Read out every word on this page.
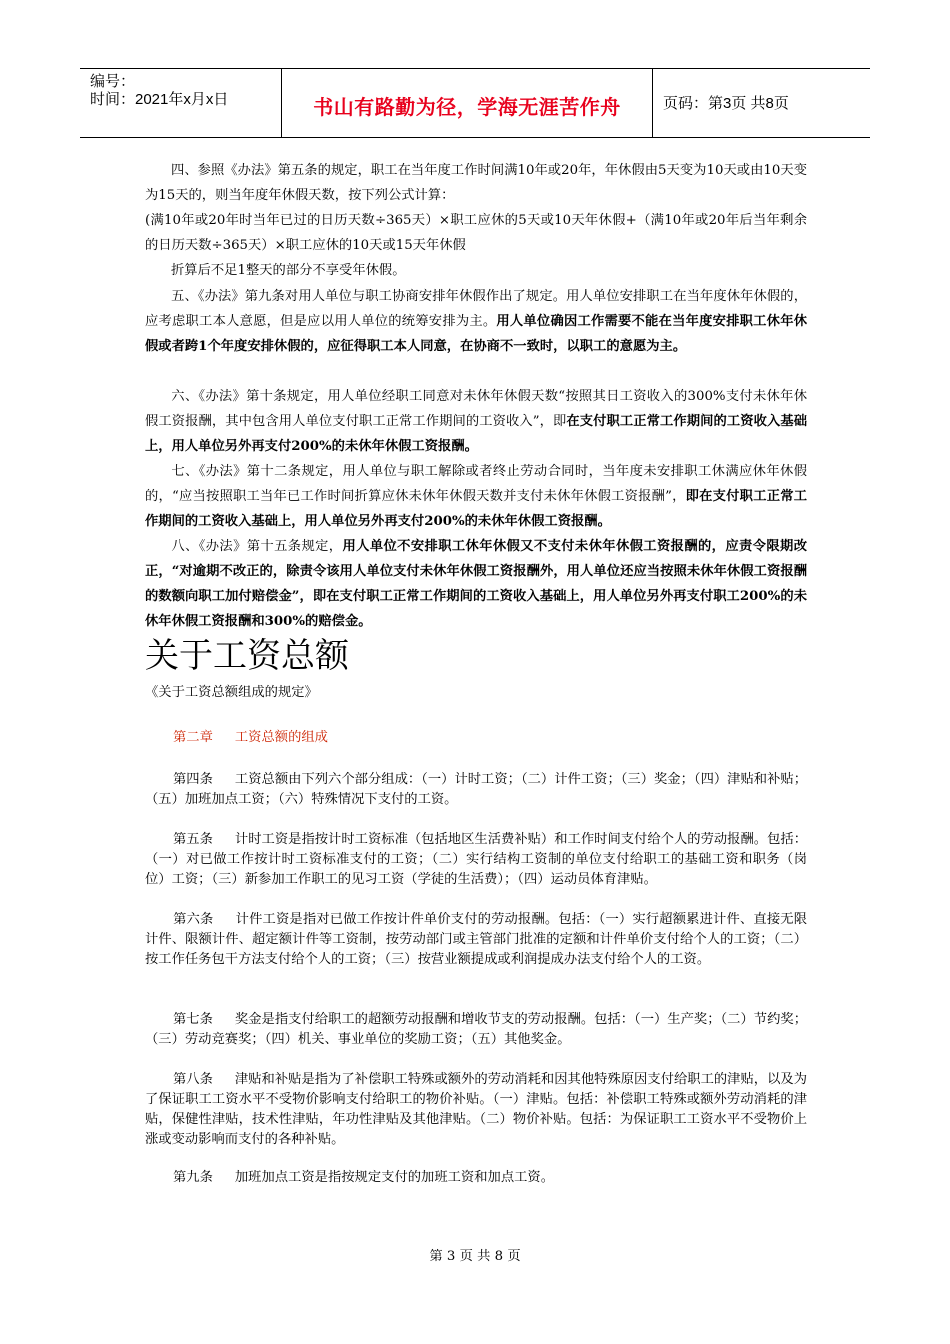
编号：
时间：2021年x月x日	书山有路勤为径，学海无涯苦作舟	页码：第3页 共8页

四、参照《办法》第五条的规定，职工在当年度工作时间满10年或20年，年休假由5天变为10天或由10天变为15天的，则当年度年休假天数，按下列公式计算：

(满10年或20年时当年已过的日历天数÷365天）×职工应休的5天或10天年休假+（满10年或20年后当年剩余的日历天数÷365天）×职工应休的10天或15天年休假

折算后不足1整天的部分不享受年休假。

五、《办法》第九条对用人单位与职工协商安排年休假作出了规定。用人单位安排职工在当年度休年休假的，应考虑职工本人意愿，但是应以用人单位的统筹安排为主。用人单位确因工作需要不能在当年度安排职工休年休假或者跨1个年度安排休假的，应征得职工本人同意，在协商不一致时，以职工的意愿为主。

六、《办法》第十条规定，用人单位经职工同意对未休年休假天数“按照其日工资收入的300%支付未休年休假工资报酬，其中包含用人单位支付职工正常工作期间的工资收入”，即在支付职工正常工作期间的工资收入基础上，用人单位另外再支付200%的未休年休假工资报酬。

七、《办法》第十二条规定，用人单位与职工解除或者终止劳动合同时，当年度未安排职工休满应休年休假的，“应当按照职工当年已工作时间折算应休未休年休假天数并支付未休年休假工资报酬”，即在支付职工正常工作期间的工资收入基础上，用人单位另外再支付200%的未休年休假工资报酬。

八、《办法》第十五条规定，用人单位不安排职工休年休假又不支付未休年休假工资报酬的，应责令限期改正，“对逾期不改正的，除责令该用人单位支付未休年休假工资报酬外，用人单位还应当按照未休年休假工资报酬的数额向职工加付赔偿金”，即在支付职工正常工作期间的工资收入基础上，用人单位另外再支付职工200%的未休年休假工资报酬和300%的赔偿金。

关于工资总额
《关于工资总额组成的规定》
第二章 工资总额的组成

第四条 工资总额由下列六个部分组成：（一）计时工资；（二）计件工资；（三）奖金；（四）津贴和补贴；（五）加班加点工资；（六）特殊情况下支付的工资。

第五条 计时工资是指按计时工资标准（包括地区生活费补贴）和工作时间支付给个人的劳动报酬。包括：（一）对已做工作按计时工资标准支付的工资；（二）实行结构工资制的单位支付给职工的基础工资和职务（岗位）工资；（三）新参加工作职工的见习工资（学徒的生活费）；（四）运动员体育津贴。

第六条 计件工资是指对已做工作按计件单价支付的劳动报酬。包括：（一）实行超额累进计件、直接无限计件、限额计件、超定额计件等工资制，按劳动部门或主管部门批准的定额和计件单价支付给个人的工资；（二）按工作任务包干方法支付给个人的工资；（三）按营业额提成或利润提成办法支付给个人的工资。

第七条 奖金是指支付给职工的超额劳动报酬和增收节支的劳动报酬。包括：（一）生产奖；（二）节约奖；（三）劳动竞赛奖；（四）机关、事业单位的奖励工资；（五）其他奖金。

第八条 津贴和补贴是指为了补偿职工特殊或额外的劳动消耗和因其他特殊原因支付给职工的津贴，以及为了保证职工工资水平不受物价影响支付给职工的物价补贴。（一）津贴。包括：补偿职工特殊或额外劳动消耗的津贴，保健性津贴，技术性津贴，年功性津贴及其他津贴。（二）物价补贴。包括：为保证职工工资水平不受物价上涨或变动影响而支付的各种补贴。

第九条 加班加点工资是指按规定支付的加班工资和加点工资。

第 3 页 共 8 页
